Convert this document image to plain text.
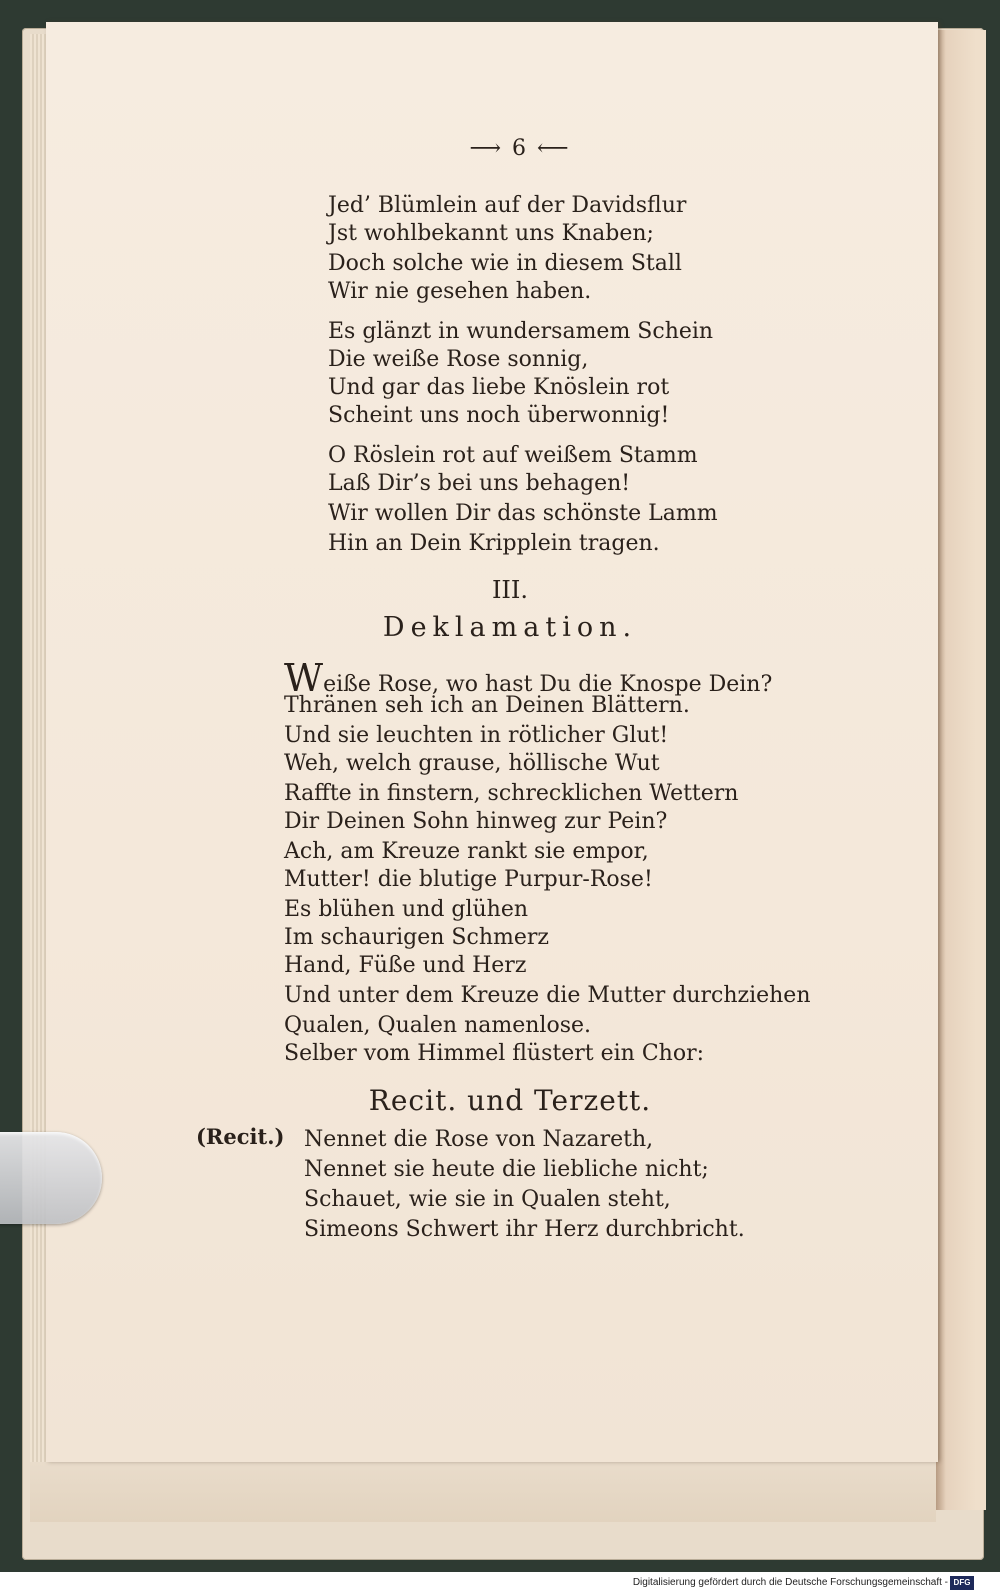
⟶ 6 ⟵
Jed’ Blümlein auf der Davidsflur
Jst wohlbekannt uns Knaben;
Doch solche wie in diesem Stall
Wir nie gesehen haben.
Es glänzt in wundersamem Schein
Die weiße Rose sonnig,
Und gar das liebe Knöslein rot
Scheint uns noch überwonnig!
O Röslein rot auf weißem Stamm
Laß Dir’s bei uns behagen!
Wir wollen Dir das schönste Lamm
Hin an Dein Kripplein tragen.
III.
Deklamation.
Weiße Rose, wo hast Du die Knospe Dein?
Thränen seh ich an Deinen Blättern.
Und sie leuchten in rötlicher Glut!
Weh, welch grause, höllische Wut
Raffte in finstern, schrecklichen Wettern
Dir Deinen Sohn hinweg zur Pein?
Ach, am Kreuze rankt sie empor,
Mutter! die blutige Purpur-Rose!
Es blühen und glühen
Im schaurigen Schmerz
Hand, Füße und Herz
Und unter dem Kreuze die Mutter durchziehen
Qualen, Qualen namenlose.
Selber vom Himmel flüstert ein Chor:
Recit. und Terzett.
(Recit.) Nennet die Rose von Nazareth,
Nennet sie heute die liebliche nicht;
Schauet, wie sie in Qualen steht,
Simeons Schwert ihr Herz durchbricht.
Digitalisierung gefördert durch die Deutsche Forschungsgemeinschaft - DFG
